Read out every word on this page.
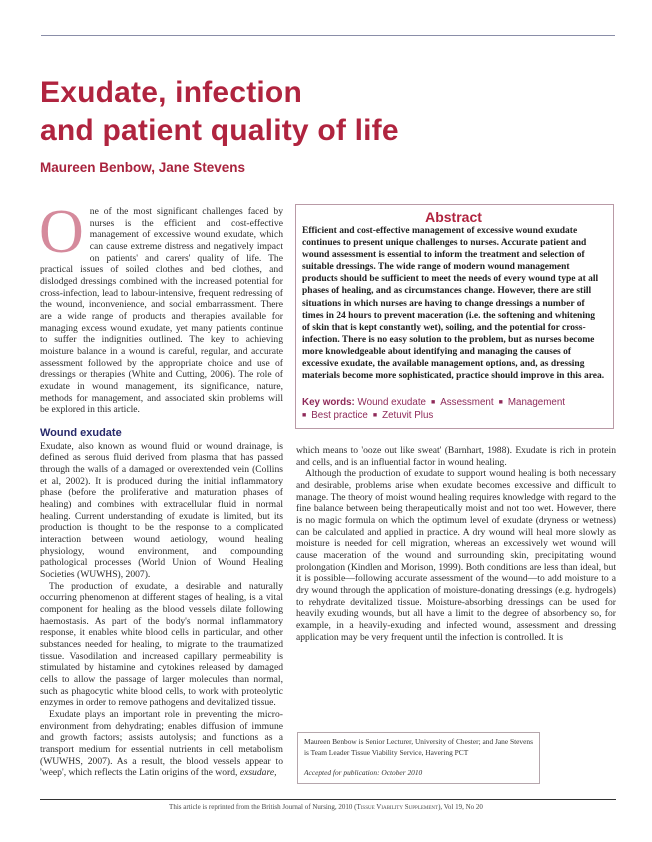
Exudate, infection
and patient quality of life

Maureen Benbow, Jane Stevens

One of the most significant challenges faced by nurses is the efficient and cost-effective management of excessive wound exudate, which can cause extreme distress and negatively impact on patients' and carers' quality of life. The practical issues of soiled clothes and bed clothes, and dislodged dressings combined with the increased potential for cross-infection, lead to labour-intensive, frequent redressing of the wound, inconvenience, and social embarrassment. There are a wide range of products and therapies available for managing excess wound exudate, yet many patients continue to suffer the indignities outlined. The key to achieving moisture balance in a wound is careful, regular, and accurate assessment followed by the appropriate choice and use of dressings or therapies (White and Cutting, 2006). The role of exudate in wound management, its significance, nature, methods for management, and associated skin problems will be explored in this article.

Wound exudate

Exudate, also known as wound fluid or wound drainage, is defined as serous fluid derived from plasma that has passed through the walls of a damaged or overextended vein (Collins et al, 2002). It is produced during the initial inflammatory phase (before the proliferative and maturation phases of healing) and combines with extracellular fluid in normal healing. Current understanding of exudate is limited, but its production is thought to be the response to a complicated interaction between wound aetiology, wound healing physiology, wound environment, and compounding pathological processes (World Union of Wound Healing Societies (WUWHS), 2007).

The production of exudate, a desirable and naturally occurring phenomenon at different stages of healing, is a vital component for healing as the blood vessels dilate following haemostasis. As part of the body's normal inflammatory response, it enables white blood cells in particular, and other substances needed for healing, to migrate to the traumatized tissue. Vasodilation and increased capillary permeability is stimulated by histamine and cytokines released by damaged cells to allow the passage of larger molecules than normal, such as phagocytic white blood cells, to work with proteolytic enzymes in order to remove pathogens and devitalized tissue.

Exudate plays an important role in preventing the micro-environment from dehydrating; enables diffusion of immune and growth factors; assists autolysis; and functions as a transport medium for essential nutrients in cell metabolism (WUWHS, 2007). As a result, the blood vessels appear to 'weep', which reflects the Latin origins of the word, exsudare,

Abstract

Efficient and cost-effective management of excessive wound exudate continues to present unique challenges to nurses. Accurate patient and wound assessment is essential to inform the treatment and selection of suitable dressings. The wide range of modern wound management products should be sufficient to meet the needs of every wound type at all phases of healing, and as circumstances change. However, there are still situations in which nurses are having to change dressings a number of times in 24 hours to prevent maceration (i.e. the softening and whitening of skin that is kept constantly wet), soiling, and the potential for cross-infection. There is no easy solution to the problem, but as nurses become more knowledgeable about identifying and managing the causes of excessive exudate, the available management options, and, as dressing materials become more sophisticated, practice should improve in this area.

Key words: Wound exudate ■ Assessment ■ Management
■ Best practice ■ Zetuvit Plus

which means to 'ooze out like sweat' (Barnhart, 1988). Exudate is rich in protein and cells, and is an influential factor in wound healing.

Although the production of exudate to support wound healing is both necessary and desirable, problems arise when exudate becomes excessive and difficult to manage. The theory of moist wound healing requires knowledge with regard to the fine balance between being therapeutically moist and not too wet. However, there is no magic formula on which the optimum level of exudate (dryness or wetness) can be calculated and applied in practice. A dry wound will heal more slowly as moisture is needed for cell migration, whereas an excessively wet wound will cause maceration of the wound and surrounding skin, precipitating wound prolongation (Kindlen and Morison, 1999). Both conditions are less than ideal, but it is possible—following accurate assessment of the wound—to add moisture to a dry wound through the application of moisture-donating dressings (e.g. hydrogels) to rehydrate devitalized tissue. Moisture-absorbing dressings can be used for heavily exuding wounds, but all have a limit to the degree of absorbency so, for example, in a heavily-exuding and infected wound, assessment and dressing application may be very frequent until the infection is controlled. It is

Maureen Benbow is Senior Lecturer, University of Chester; and Jane Stevens is Team Leader Tissue Viability Service, Havering PCT

Accepted for publication: October 2010

This article is reprinted from the British Journal of Nursing, 2010 (Tissue Viability Supplement), Vol 19, No 20
